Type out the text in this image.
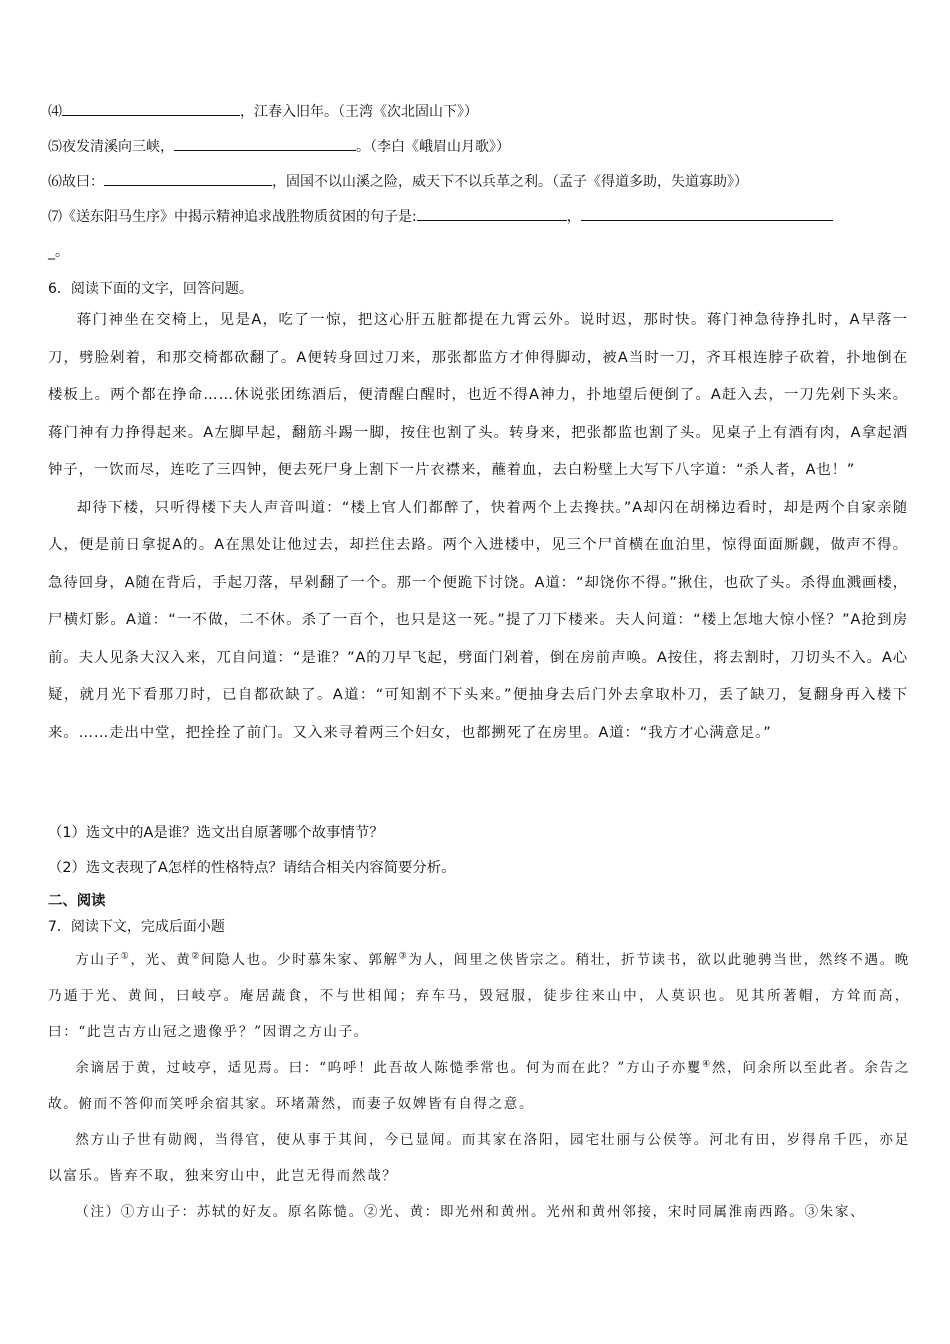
⑷	，江春入旧年。（王湾《次北固山下》）
⑸夜发清溪向三峡，	。（李白《峨眉山月歌》）
⑹故曰：	，固国不以山溪之险，威天下不以兵革之利。（孟子《得道多助，失道寡助》）
⑺《送东阳马生序》中揭示精神追求战胜物质贫困的句子是:	，
_。
6．阅读下面的文字，回答问题。

蒋门神坐在交椅上，见是A，吃了一惊，把这心肝五脏都提在九霄云外。说时迟，那时快。蒋门神急待挣扎时，A早落一刀，劈脸剁着，和那交椅都砍翻了。A便转身回过刀来，那张都监方才伸得脚动，被A当时一刀，齐耳根连脖子砍着，扑地倒在楼板上。两个都在挣命……休说张团练酒后，便清醒白醒时，也近不得A神力，扑地望后便倒了。A赶入去，一刀先剁下头来。蒋门神有力挣得起来。A左脚早起，翻筋斗踢一脚，按住也割了头。转身来，把张都监也割了头。见桌子上有酒有肉，A拿起酒钟子，一饮而尽，连吃了三四钟，便去死尸身上割下一片衣襟来，蘸着血，去白粉壁上大写下八字道：“杀人者，A也！”

却待下楼，只听得楼下夫人声音叫道：“楼上官人们都醉了，快着两个上去搀扶。”A却闪在胡梯边看时，却是两个自家亲随人，便是前日拿捉A的。A在黑处让他过去，却拦住去路。两个入进楼中，见三个尸首横在血泊里，惊得面面厮觑，做声不得。急待回身，A随在背后，手起刀落，早剁翻了一个。那一个便跪下讨饶。A道：“却饶你不得。”揪住，也砍了头。杀得血溅画楼，尸横灯影。A道：“一不做，二不休。杀了一百个，也只是这一死。”提了刀下楼来。夫人问道：“楼上怎地大惊小怪？”A抢到房前。夫人见条大汉入来，兀自问道：“是谁？”A的刀早飞起，劈面门剁着，倒在房前声唤。A按住，将去割时，刀切头不入。A心疑，就月光下看那刀时，已自都砍缺了。A道：“可知割不下头来。”便抽身去后门外去拿取朴刀，丢了缺刀，复翻身再入楼下来。……走出中堂，把拴拴了前门。又入来寻着两三个妇女，也都搠死了在房里。A道：“我方才心满意足。”

（1）选文中的A是谁？选文出自原著哪个故事情节？
（2）选文表现了A怎样的性格特点？请结合相关内容简要分析。
二、阅读
7．阅读下文，完成后面小题

方山子①，光、黄②间隐人也。少时慕朱家、郭解③为人，闾里之侠皆宗之。稍壮，折节读书，欲以此驰骋当世，然终不遇。晚乃遁于光、黄间，曰岐亭。庵居蔬食，不与世相闻；弃车马，毁冠服，徒步往来山中，人莫识也。见其所著帽，方耸而高，曰：“此岂古方山冠之遗像乎？”因谓之方山子。

余谪居于黄，过岐亭，适见焉。曰：“呜呼！此吾故人陈慥季常也。何为而在此？”方山子亦矍④然，问余所以至此者。余告之故。俯而不答仰而笑呼余宿其家。环堵萧然，而妻子奴婢皆有自得之意。

然方山子世有勋阀，当得官，使从事于其间，今已显闻。而其家在洛阳，园宅壮丽与公侯等。河北有田，岁得帛千匹，亦足以富乐。皆弃不取，独来穷山中，此岂无得而然哉？

（注）①方山子：苏轼的好友。原名陈慥。②光、黄：即光州和黄州。光州和黄州邻接，宋时同属淮南西路。③朱家、
